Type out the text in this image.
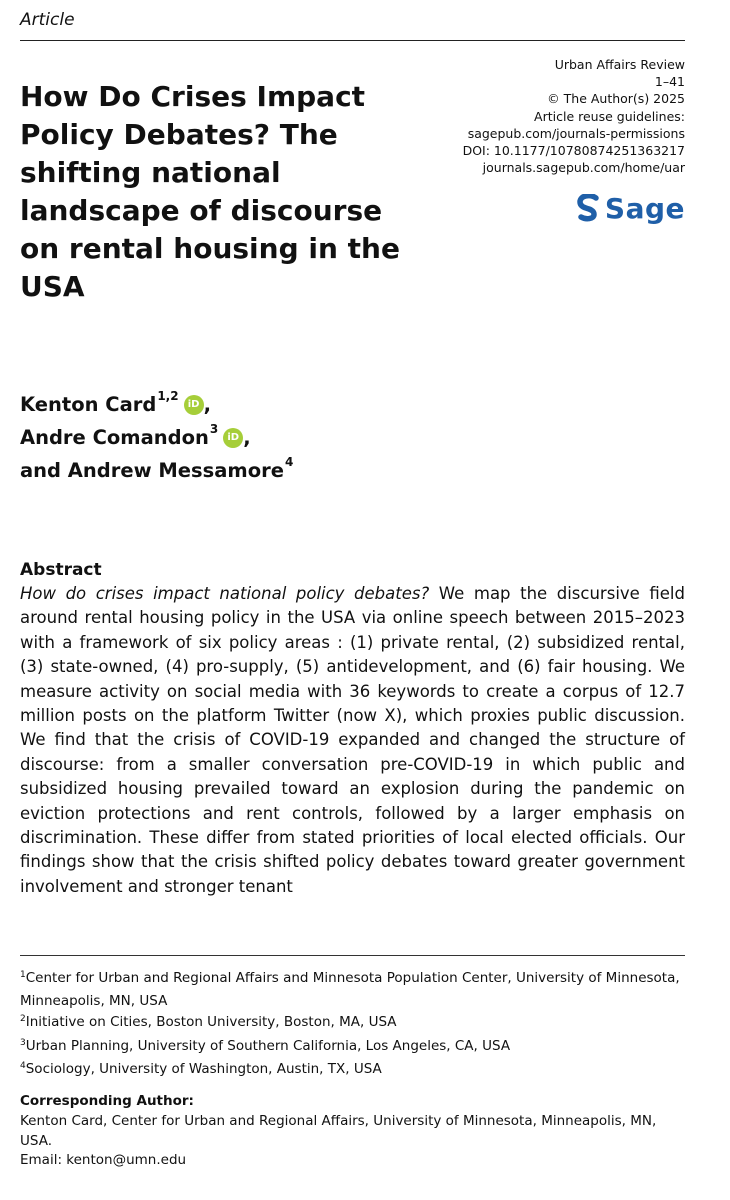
Article
How Do Crises Impact Policy Debates? The shifting national landscape of discourse on rental housing in the USA
Urban Affairs Review
1–41
© The Author(s) 2025
Article reuse guidelines:
sagepub.com/journals-permissions
DOI: 10.1177/10780874251363217
journals.sagepub.com/home/uar
Sage
Kenton Card$^{1,2}$
iD ,
Andre Comandon$^3$
iD ,
and Andrew Messamore$^4$
Abstract

How do crises impact national policy debates? We map the discursive field around rental housing policy in the USA via online speech between 2015–2023 with a framework of six policy areas : (1) private rental, (2) subsidized rental, (3) state-owned, (4) pro-supply, (5) antidevelopment, and (6) fair housing. We measure activity on social media with 36 keywords to create a corpus of 12.7 million posts on the platform Twitter (now X), which proxies public discussion. We find that the crisis of COVID-19 expanded and changed the structure of discourse: from a smaller conversation pre-COVID-19 in which public and subsidized housing prevailed toward an explosion during the pandemic on eviction protections and rent controls, followed by a larger emphasis on discrimination. These differ from stated priorities of local elected officials. Our findings show that the crisis shifted policy debates toward greater government involvement and stronger tenant

$^1$Center for Urban and Regional Affairs and Minnesota Population Center, University of Minnesota, Minneapolis, MN, USA
$^2$Initiative on Cities, Boston University, Boston, MA, USA
$^3$Urban Planning, University of Southern California, Los Angeles, CA, USA
$^4$Sociology, University of Washington, Austin, TX, USA
Corresponding Author:
Kenton Card, Center for Urban and Regional Affairs, University of Minnesota, Minneapolis, MN, USA.
Email: kenton@umn.edu
